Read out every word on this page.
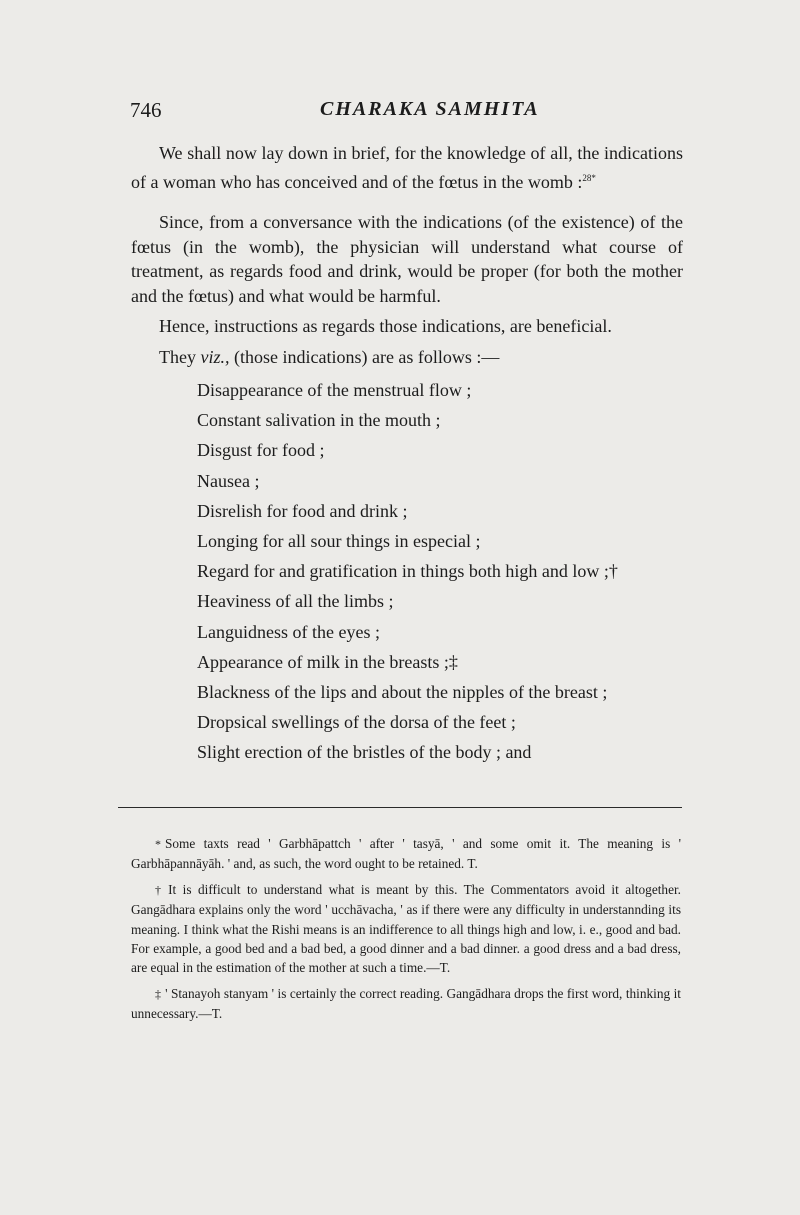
746	CHARAKA SAMHITA

We shall now lay down in brief, for the knowledge of all, the indications of a woman who has conceived and of the fœtus in the womb :$^{28*}$

Since, from a conversance with the indications (of the existence) of the fœtus (in the womb), the physician will understand what course of treatment, as regards food and drink, would be proper (for both the mother and the fœtus) and what would be harmful.

Hence, instructions as regards those indications, are beneficial.

They viz., (those indications) are as follows :—

Disappearance of the menstrual flow ;
Constant salivation in the mouth ;
Disgust for food ;
Nausea ;
Disrelish for food and drink ;
Longing for all sour things in especial ;
Regard for and gratification in things both high and low ;†
Heaviness of all the limbs ;
Languidness of the eyes ;
Appearance of milk in the breasts ;‡
Blackness of the lips and about the nipples of the breast ;
Dropsical swellings of the dorsa of the feet ;
Slight erection of the bristles of the body ; and

* Some taxts read ' Garbhāpattch ' after ' tasyā, ' and some omit it. The meaning is ' Garbhāpannāyāh. ' and, as such, the word ought to be retained. T.

† It is difficult to understand what is meant by this. The Commentators avoid it altogether. Gangādhara explains only the word ' ucchāvacha, ' as if there were any difficulty in understannding its meaning. I think what the Rishi means is an indifference to all things high and low, i. e., good and bad. For example, a good bed and a bad bed, a good dinner and a bad dinner. a good dress and a bad dress, are equal in the estimation of the mother at such a time.—T.

‡ ' Stanayoh stanyam ' is certainly the correct reading. Gangādhara drops the first word, thinking it unnecessary.—T.
